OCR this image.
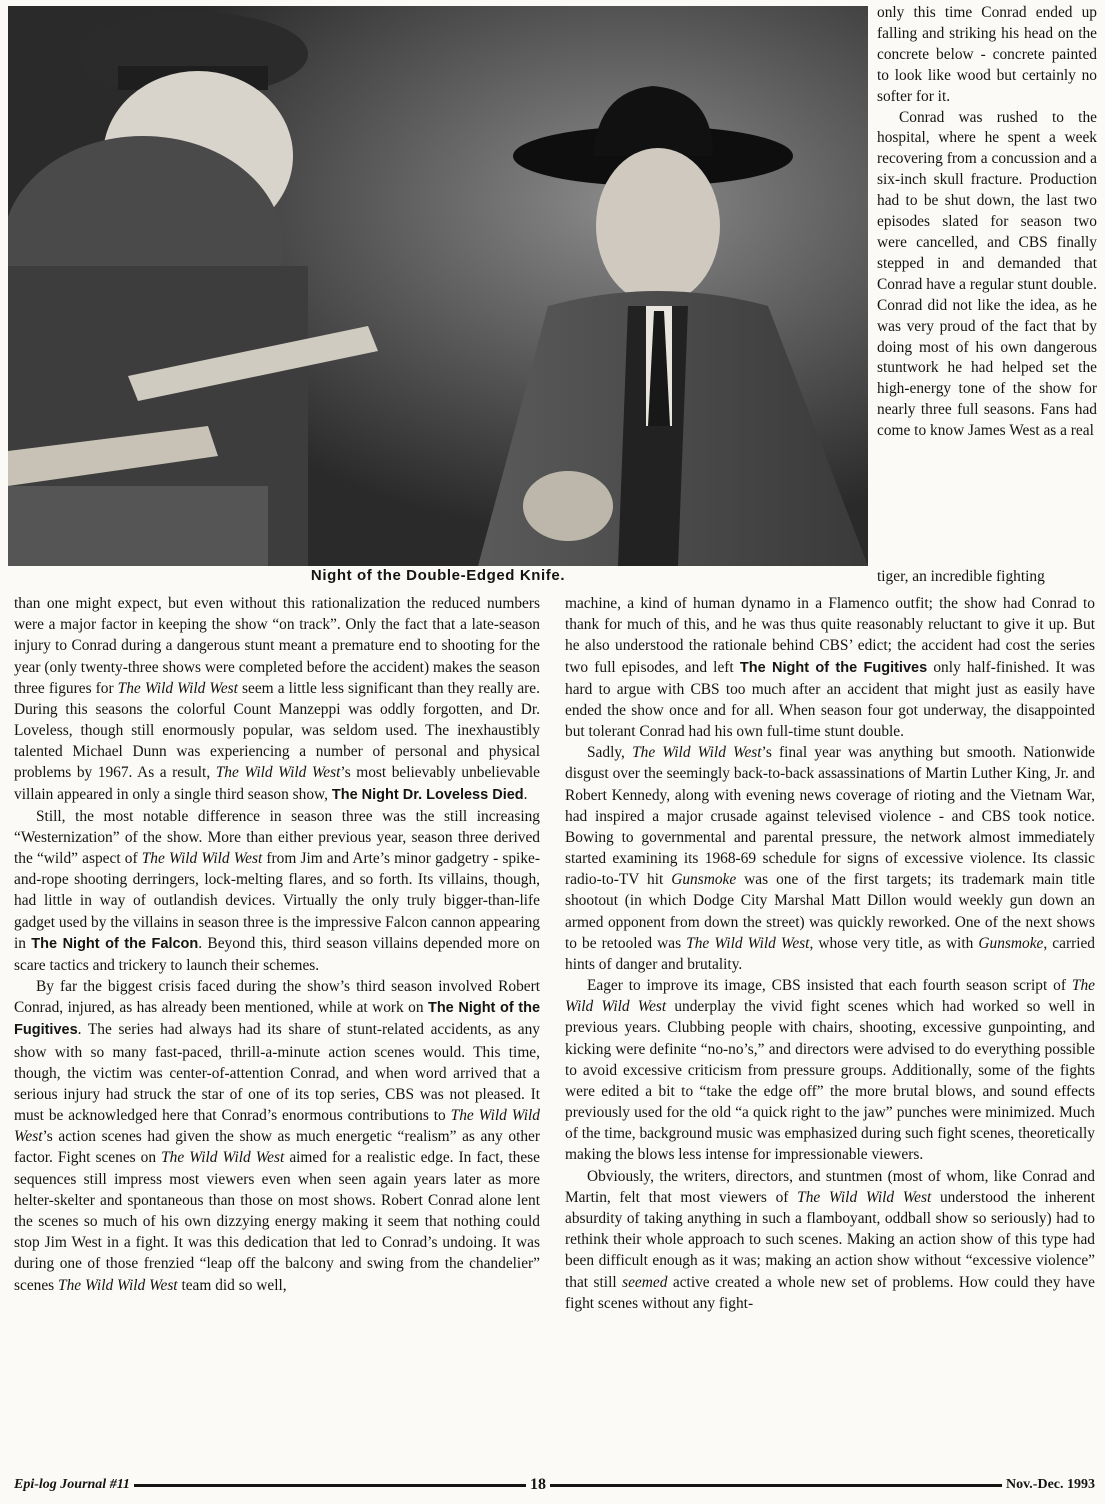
Night of the Double-Edged Knife.

only this time Conrad ended up falling and striking his head on the concrete below - concrete painted to look like wood but certainly no softer for it.

Conrad was rushed to the hospital, where he spent a week recovering from a concussion and a six-inch skull fracture. Production had to be shut down, the last two episodes slated for season two were cancelled, and CBS finally stepped in and demanded that Conrad have a regular stunt double. Conrad did not like the idea, as he was very proud of the fact that by doing most of his own dangerous stuntwork he had helped set the high-energy tone of the show for nearly three full seasons. Fans had come to know James West as a real

tiger, an incredible fighting

than one might expect, but even without this rationalization the reduced numbers were a major factor in keeping the show “on track”. Only the fact that a late-season injury to Conrad during a dangerous stunt meant a premature end to shooting for the year (only twenty-three shows were completed before the accident) makes the season three figures for The Wild Wild West seem a little less significant than they really are. During this seasons the colorful Count Manzeppi was oddly forgotten, and Dr. Loveless, though still enormously popular, was seldom used. The inexhaustibly talented Michael Dunn was experiencing a number of personal and physical problems by 1967. As a result, The Wild Wild West’s most believably unbelievable villain appeared in only a single third season show, The Night Dr. Loveless Died.

Still, the most notable difference in season three was the still increasing “Westernization” of the show. More than either previous year, season three derived the “wild” aspect of The Wild Wild West from Jim and Arte’s minor gadgetry - spike-and-rope shooting derringers, lock-melting flares, and so forth. Its villains, though, had little in way of outlandish devices. Virtually the only truly bigger-than-life gadget used by the villains in season three is the impressive Falcon cannon appearing in The Night of the Falcon. Beyond this, third season villains depended more on scare tactics and trickery to launch their schemes.

By far the biggest crisis faced during the show’s third season involved Robert Conrad, injured, as has already been mentioned, while at work on The Night of the Fugitives. The series had always had its share of stunt-related accidents, as any show with so many fast-paced, thrill-a-minute action scenes would. This time, though, the victim was center-of-attention Conrad, and when word arrived that a serious injury had struck the star of one of its top series, CBS was not pleased. It must be acknowledged here that Conrad’s enormous contributions to The Wild Wild West’s action scenes had given the show as much energetic “realism” as any other factor. Fight scenes on The Wild Wild West aimed for a realistic edge. In fact, these sequences still impress most viewers even when seen again years later as more helter-skelter and spontaneous than those on most shows. Robert Conrad alone lent the scenes so much of his own dizzying energy making it seem that nothing could stop Jim West in a fight. It was this dedication that led to Conrad’s undoing. It was during one of those frenzied “leap off the balcony and swing from the chandelier” scenes The Wild Wild West team did so well,

machine, a kind of human dynamo in a Flamenco outfit; the show had Conrad to thank for much of this, and he was thus quite reasonably reluctant to give it up. But he also understood the rationale behind CBS’ edict; the accident had cost the series two full episodes, and left The Night of the Fugitives only half-finished. It was hard to argue with CBS too much after an accident that might just as easily have ended the show once and for all. When season four got underway, the disappointed but tolerant Conrad had his own full-time stunt double.

Sadly, The Wild Wild West’s final year was anything but smooth. Nationwide disgust over the seemingly back-to-back assassinations of Martin Luther King, Jr. and Robert Kennedy, along with evening news coverage of rioting and the Vietnam War, had inspired a major crusade against televised violence - and CBS took notice. Bowing to governmental and parental pressure, the network almost immediately started examining its 1968-69 schedule for signs of excessive violence. Its classic radio-to-TV hit Gunsmoke was one of the first targets; its trademark main title shootout (in which Dodge City Marshal Matt Dillon would weekly gun down an armed opponent from down the street) was quickly reworked. One of the next shows to be retooled was The Wild Wild West, whose very title, as with Gunsmoke, carried hints of danger and brutality.

Eager to improve its image, CBS insisted that each fourth season script of The Wild Wild West underplay the vivid fight scenes which had worked so well in previous years. Clubbing people with chairs, shooting, excessive gunpointing, and kicking were definite “no-no’s,” and directors were advised to do everything possible to avoid excessive criticism from pressure groups. Additionally, some of the fights were edited a bit to “take the edge off” the more brutal blows, and sound effects previously used for the old “a quick right to the jaw” punches were minimized. Much of the time, background music was emphasized during such fight scenes, theoretically making the blows less intense for impressionable viewers.

Obviously, the writers, directors, and stuntmen (most of whom, like Conrad and Martin, felt that most viewers of The Wild Wild West understood the inherent absurdity of taking anything in such a flamboyant, oddball show so seriously) had to rethink their whole approach to such scenes. Making an action show of this type had been difficult enough as it was; making an action show without “excessive violence” that still seemed active created a whole new set of problems. How could they have fight scenes without any fight-

Epi-log Journal #11	18	Nov.-Dec. 1993
